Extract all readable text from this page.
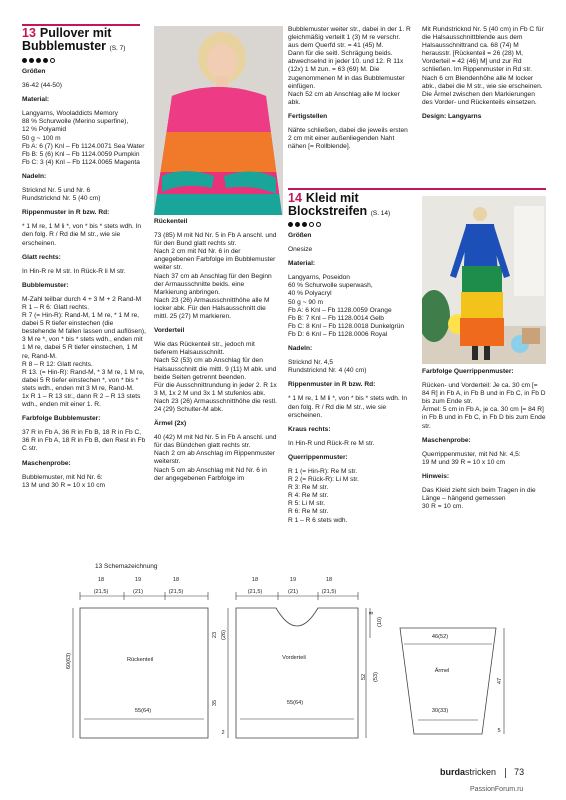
13 Pullover mit
Bubblemuster (S. 7)

Größen

36-42 (44-50)

Material:

Langyarns, Wooladdicts Memory
88 % Schurwolle (Merino superfine),
12 % Polyamid
50 g ~ 100 m
Fb A: 6 (7) Knl – Fb 1124.0071 Sea Water
Fb B: 5 (6) Knl – Fb 1124.0059 Pumpkin
Fb C: 3 (4) Knl – Fb 1124.0065 Magenta

Nadeln:

Stricknd Nr. 5 und Nr. 6
Rundstricknd Nr. 5 (40 cm)

Rippenmuster in R bzw. Rd:

* 1 M re, 1 M li *, von * bis * stets wdh. In den folg. R / Rd die M str., wie sie erscheinen.

Glatt rechts:

In Hin-R re M str. In Rück-R li M str.

Bubblemuster:

M-Zahl teilbar durch 4 + 3 M + 2 Rand-M
R 1 – R 6: Glatt rechts.
R 7 (= Hin-R): Rand-M, 1 M re, * 1 M re, dabei 5 R tiefer einstechen (die bestehende M fallen lassen und auflösen), 3 M re *, von * bis * stets wdh., enden mit 1 M re, dabei 5 R tiefer einstechen, 1 M re, Rand-M.
R 8 – R 12: Glatt rechts.
R 13. (= Hin-R): Rand-M, * 3 M re, 1 M re, dabei 5 R tiefer einstechen *, von * bis * stets wdh., enden mit 3 M re, Rand-M.
1x R 1 – R 13 str., dann R 2 – R 13 stets wdh., enden mit einer 1. R.

Farbfolge Bubblemuster:

37 R in Fb A, 36 R in Fb B, 18 R in Fb C, 36 R in Fb A, 18 R in Fb B, den Rest in Fb C str.

Maschenprobe:

Bubblemuster, mit Nd Nr. 6:
13 M und 30 R = 10 x 10 cm

Rückenteil

73 (85) M mit Nd Nr. 5 in Fb A anschl. und für den Bund glatt rechts str.
Nach 2 cm mit Nd Nr. 6 in der angegebenen Farbfolge im Bubblemuster weiter str.
Nach 37 cm ab Anschlag für den Beginn der Armausschnitte beids. eine Markierung anbringen.
Nach 23 (26) Armausschnitthöhe alle M locker abk. Für den Halsausschnitt die mittl. 25 (27) M markieren.

Vorderteil

Wie das Rückenteil str., jedoch mit tieferem Halsausschnitt.
Nach 52 (53) cm ab Anschlag für den Halsausschnitt die mittl. 9 (11) M abk. und beide Seiten getrennt beenden.
Für die Ausschnittrundung in jeder 2. R 1x 3 M, 1x 2 M und 3x 1 M stufenlos abk.
Nach 23 (26) Armausschnitthöhe die restl. 24 (29) Schulter-M abk.

Ärmel (2x)

40 (42) M mit Nd Nr. 5 in Fb A anschl. und für das Bündchen glatt rechts str.
Nach 2 cm ab Anschlag im Rippenmuster weiterstr.
Nach 5 cm ab Anschlag mit Nd Nr. 6 in der angegebenen Farbfolge im

Bubblemuster weiter str., dabei in der 1. R gleichmäßig verteilt 1 (3) M re verschr. aus dem Querfd str. = 41 (45) M.
Dann für die seitl. Schrägung beids. abwechselnd in jeder 10. und 12. R 11x (12x) 1 M zun. = 63 (69) M. Die zugenommenen M in das Bubblemuster einfügen.
Nach 52 cm ab Anschlag alle M locker abk.

Fertigstellen

Nähte schließen, dabei die jeweils ersten 2 cm mit einer außenliegenden Naht nähen [= Rollblende].

Mit Rundstricknd Nr. 5 (40 cm) in Fb C für die Halsausschnittblende aus dem Halsausschnittrand ca. 68 (74) M herausstr. [Rückenteil = 26 (28) M, Vorderteil = 42 (46) M] und zur Rd schließen. Im Rippenmuster in Rd str.
Nach 6 cm Blendenhöhe alle M locker abk., dabei die M str., wie sie erscheinen.
Die Ärmel zwischen den Markierungen des Vorder- und Rückenteils einsetzen.

Design: Langyarns

14 Kleid mit
Blockstreifen (S. 14)

Größen

Onesize

Material:

Langyarns, Poseidon
60 % Schurwolle superwash,
40 % Polyacryl
50 g ~ 90 m
Fb A: 6 Knl – Fb 1128.0059 Orange
Fb B: 7 Knl – Fb 1128.0014 Gelb
Fb C: 8 Knl – Fb 1128.0018 Dunkelgrün
Fb D: 6 Knl – Fb 1128.0006 Royal

Nadeln:

Stricknd Nr. 4,5
Rundstricknd Nr. 4 (40 cm)

Rippenmuster in R bzw. Rd:

* 1 M re, 1 M li *, von * bis * stets wdh. In den folg. R / Rd die M str., wie sie erscheinen.

Kraus rechts:

In Hin-R und Rück-R re M str.

Querrippenmuster:

R 1 (= Hin-R): Re M str.
R 2 (= Rück-R): Li M str.
R 3: Re M str.
R 4: Re M str.
R 5: Li M str.
R 6: Re M str.
R 1 – R 6 stets wdh.

Farbfolge Querrippenmuster:

Rücken- und Vorderteil: Je ca. 30 cm [= 84 R] in Fb A, in Fb B und in Fb C, in Fb D bis zum Ende str.
Ärmel: 5 cm in Fb A, je ca. 30 cm [= 84 R] in Fb B und in Fb C, in Fb D bis zum Ende str.

Maschenprobe:

Querrippenmuster, mit Nd Nr. 4,5:
19 M und 39 R = 10 x 10 cm

Hinweis:

Das Kleid zieht sich beim Tragen in die Länge – hängend gemessen
30 R = 10 cm.

13 Schemazeichnung
18	19	18
(21,5)	(21)	(21,5)
Rückenteil
60(63)
55(64)
18	19	18
(21,5)	(21)	(21,5)
Vorderteil
23 (26)
35
2
8
(10)
52 (53)
55(64)
46(52)
Ärmel
30(33)
47
5
burdastricken 73
PassionForum.ru
